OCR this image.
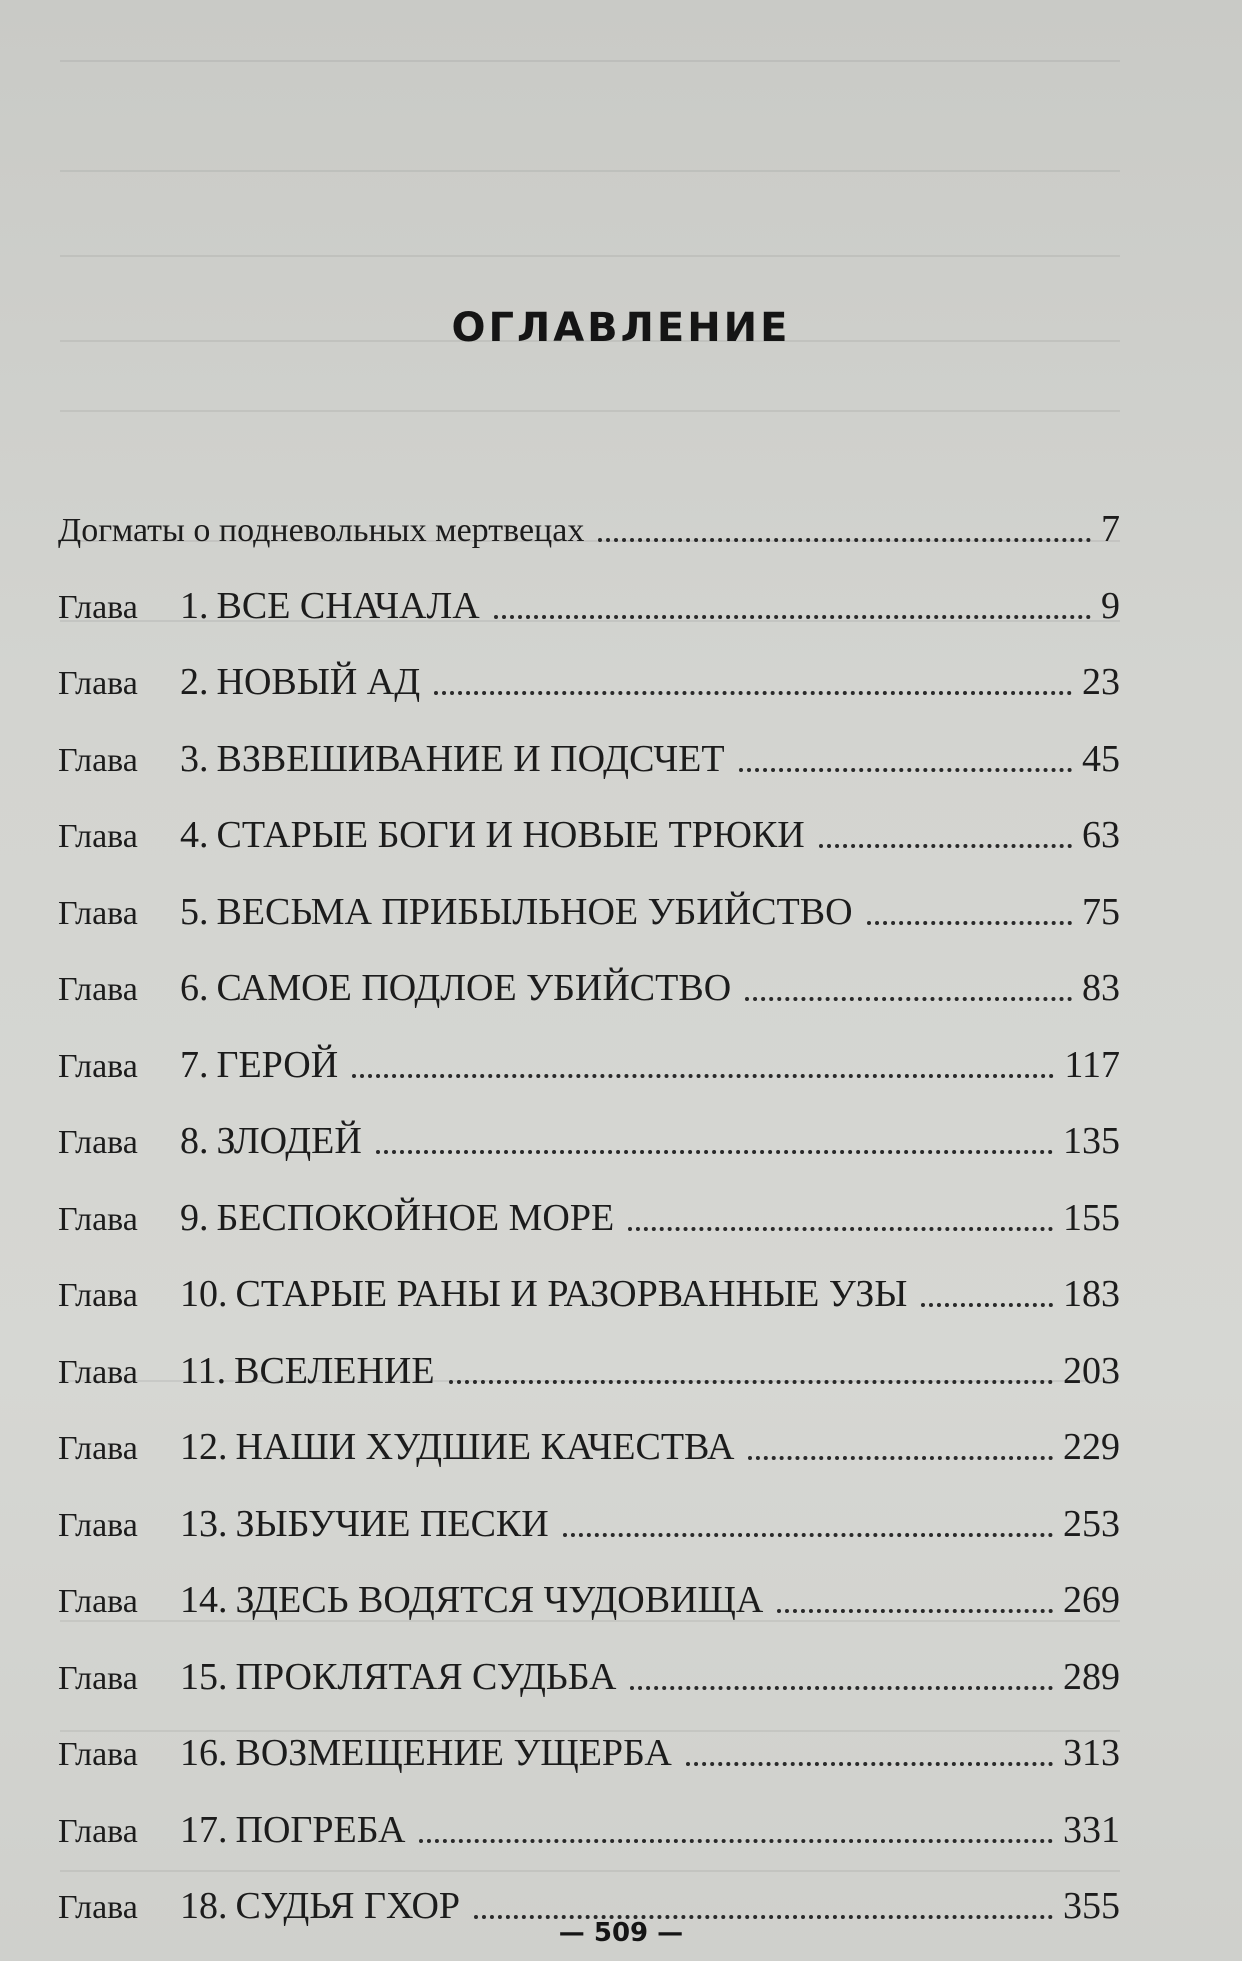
ОГЛАВЛЕНИЕ
Догматы о подневольных мертвецах	7
Глава	1. ВСЕ СНАЧАЛА	9
Глава	2. НОВЫЙ АД	23
Глава	3. ВЗВЕШИВАНИЕ И ПОДСЧЕТ	45
Глава	4. СТАРЫЕ БОГИ И НОВЫЕ ТРЮКИ	63
Глава	5. ВЕСЬМА ПРИБЫЛЬНОЕ УБИЙСТВО	75
Глава	6. САМОЕ ПОДЛОЕ УБИЙСТВО	83
Глава	7. ГЕРОЙ	117
Глава	8. ЗЛОДЕЙ	135
Глава	9. БЕСПОКОЙНОЕ МОРЕ	155
Глава	10. СТАРЫЕ РАНЫ И РАЗОРВАННЫЕ УЗЫ	183
Глава	11. ВСЕЛЕНИЕ	203
Глава	12. НАШИ ХУДШИЕ КАЧЕСТВА	229
Глава	13. ЗЫБУЧИЕ ПЕСКИ	253
Глава	14. ЗДЕСЬ ВОДЯТСЯ ЧУДОВИЩА	269
Глава	15. ПРОКЛЯТАЯ СУДЬБА	289
Глава	16. ВОЗМЕЩЕНИЕ УЩЕРБА	313
Глава	17. ПОГРЕБА	331
Глава	18. СУДЬЯ ГХОР	355
— 509 —
